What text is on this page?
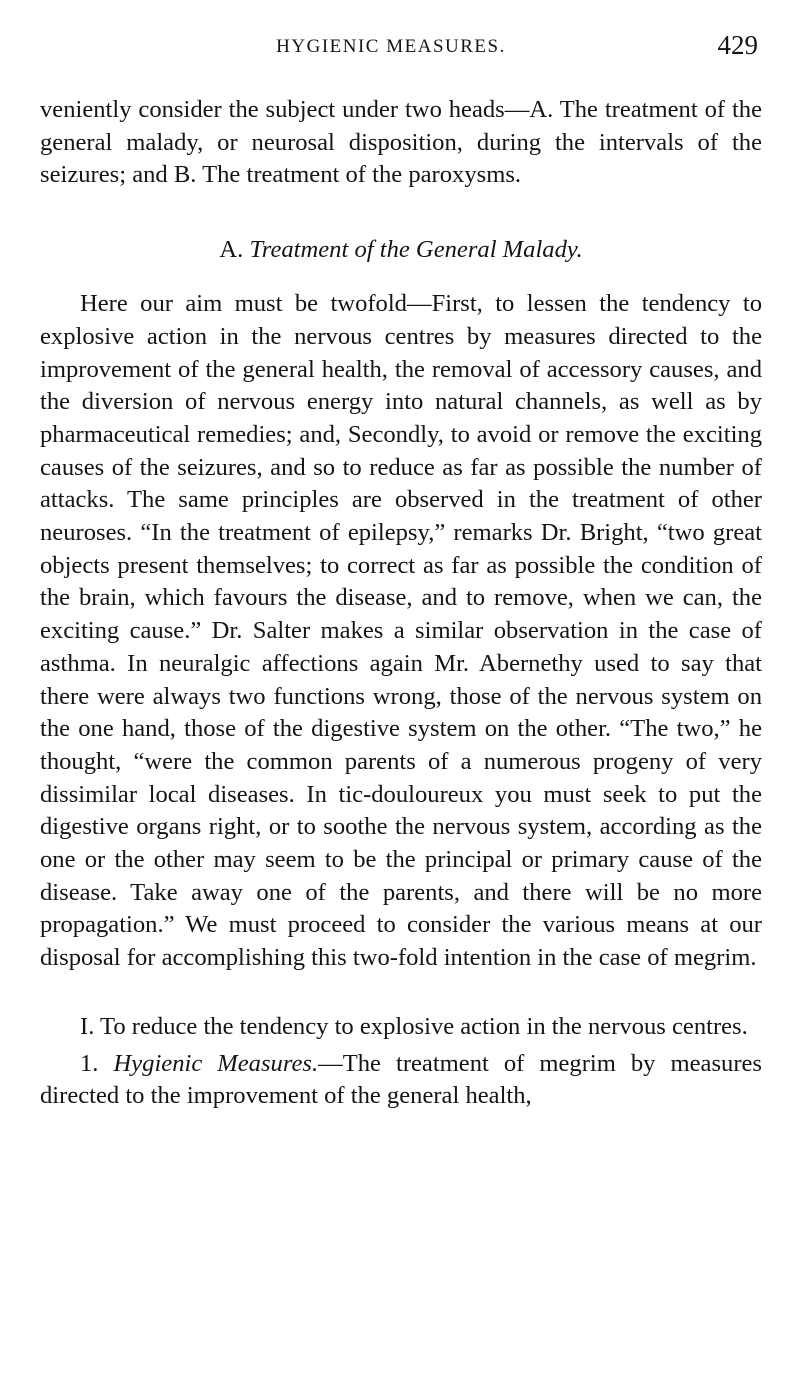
HYGIENIC MEASURES.	429

veniently consider the subject under two heads—A. The treatment of the general malady, or neurosal disposition, during the intervals of the seizures; and B. The treatment of the paroxysms.

A. Treatment of the General Malady.

Here our aim must be twofold—First, to lessen the tendency to explosive action in the nervous centres by measures directed to the improvement of the general health, the removal of accessory causes, and the diversion of nervous energy into natural channels, as well as by pharmaceutical remedies; and, Secondly, to avoid or remove the exciting causes of the seizures, and so to reduce as far as possible the number of attacks. The same principles are observed in the treatment of other neuroses. “In the treatment of epilepsy,” remarks Dr. Bright, “two great objects present themselves; to correct as far as possible the condition of the brain, which favours the disease, and to remove, when we can, the exciting cause.” Dr. Salter makes a similar observation in the case of asthma. In neuralgic affections again Mr. Abernethy used to say that there were always two functions wrong, those of the nervous system on the one hand, those of the digestive system on the other. “The two,” he thought, “were the common parents of a numerous progeny of very dissimilar local diseases. In tic-douloureux you must seek to put the digestive organs right, or to soothe the nervous system, according as the one or the other may seem to be the principal or primary cause of the disease. Take away one of the parents, and there will be no more propagation.” We must proceed to consider the various means at our disposal for accomplishing this two-fold intention in the case of megrim.

I. To reduce the tendency to explosive action in the nervous centres.

1. Hygienic Measures.—The treatment of megrim by measures directed to the improvement of the general health,
